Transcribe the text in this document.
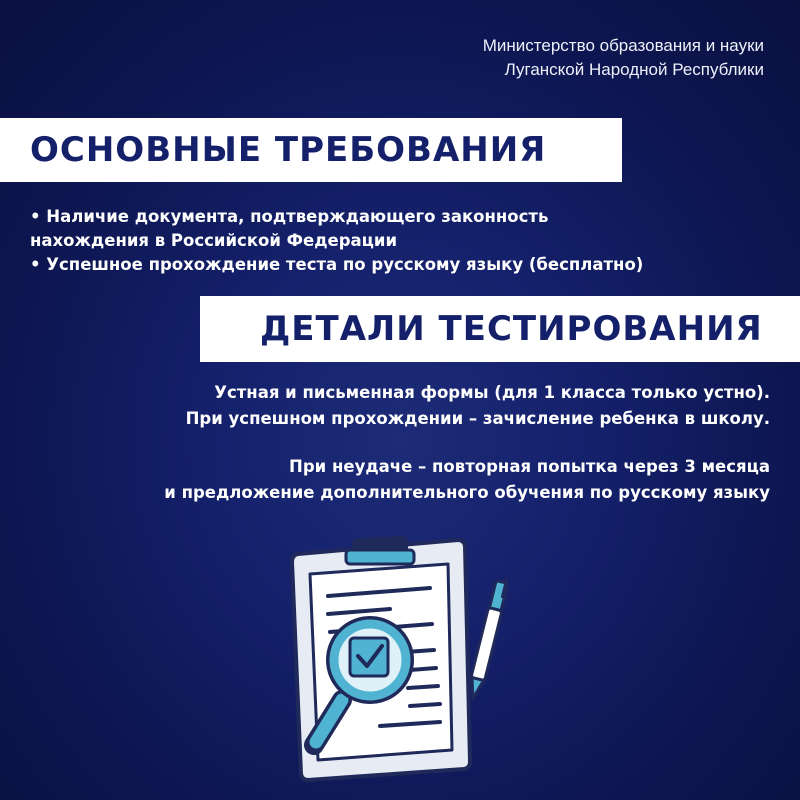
Министерство образования и науки
Луганской Народной Республики
ОСНОВНЫЕ ТРЕБОВАНИЯ
• Наличие документа, подтверждающего законность
нахождения в Российской Федерации
• Успешное прохождение теста по русскому языку (бесплатно)
ДЕТАЛИ ТЕСТИРОВАНИЯ
Устная и письменная формы (для 1 класса только устно).
При успешном прохождении – зачисление ребенка в школу.
При неудаче – повторная попытка через 3 месяца
и предложение дополнительного обучения по русскому языку
